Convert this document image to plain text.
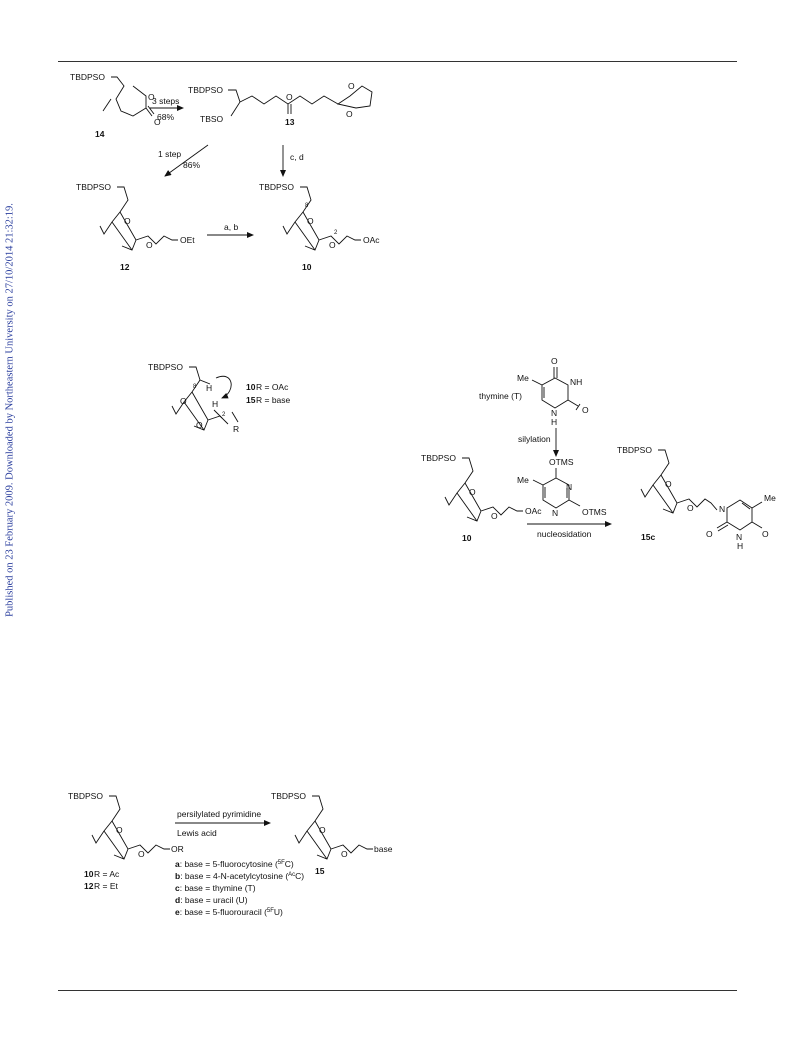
Published on 23 February 2009. Downloaded by Northeastern University on 27/10/2014 21:32:19.
TBDPSO
O
O
14
3 steps
68%
TBDPSO
TBSO
O
O
O
13
1 step
86%
c, d
TBDPSO
O
O	OEt
12
a, b
TBDPSO
8
2
O
O	OAc
10
TBDPSO
8
2
H
H
O
O	R
10 R = OAc
15 R = base
O
Me	NH
O
N
H
thymine (T)
silylation
OTMS
Me
N
N	OTMS
TBDPSO
O
O	OAc
10	nucleosidation
TBDPSO
O
O	N
Me
O	N
H
O
15c
TBDPSO
O
O	OR
10 R = Ac
12 R = Et
persilylated pyrimidine
Lewis acid
TBDPSO
O
O	base
15
a: base = 5-fluorocytosine ($^{5F}$C)
b: base = 4-N-acetylcytosine ($^{Ac}$C)
c: base = thymine (T)
d: base = uracil (U)
e: base = 5-fluorouracil ($^{5F}$U)
